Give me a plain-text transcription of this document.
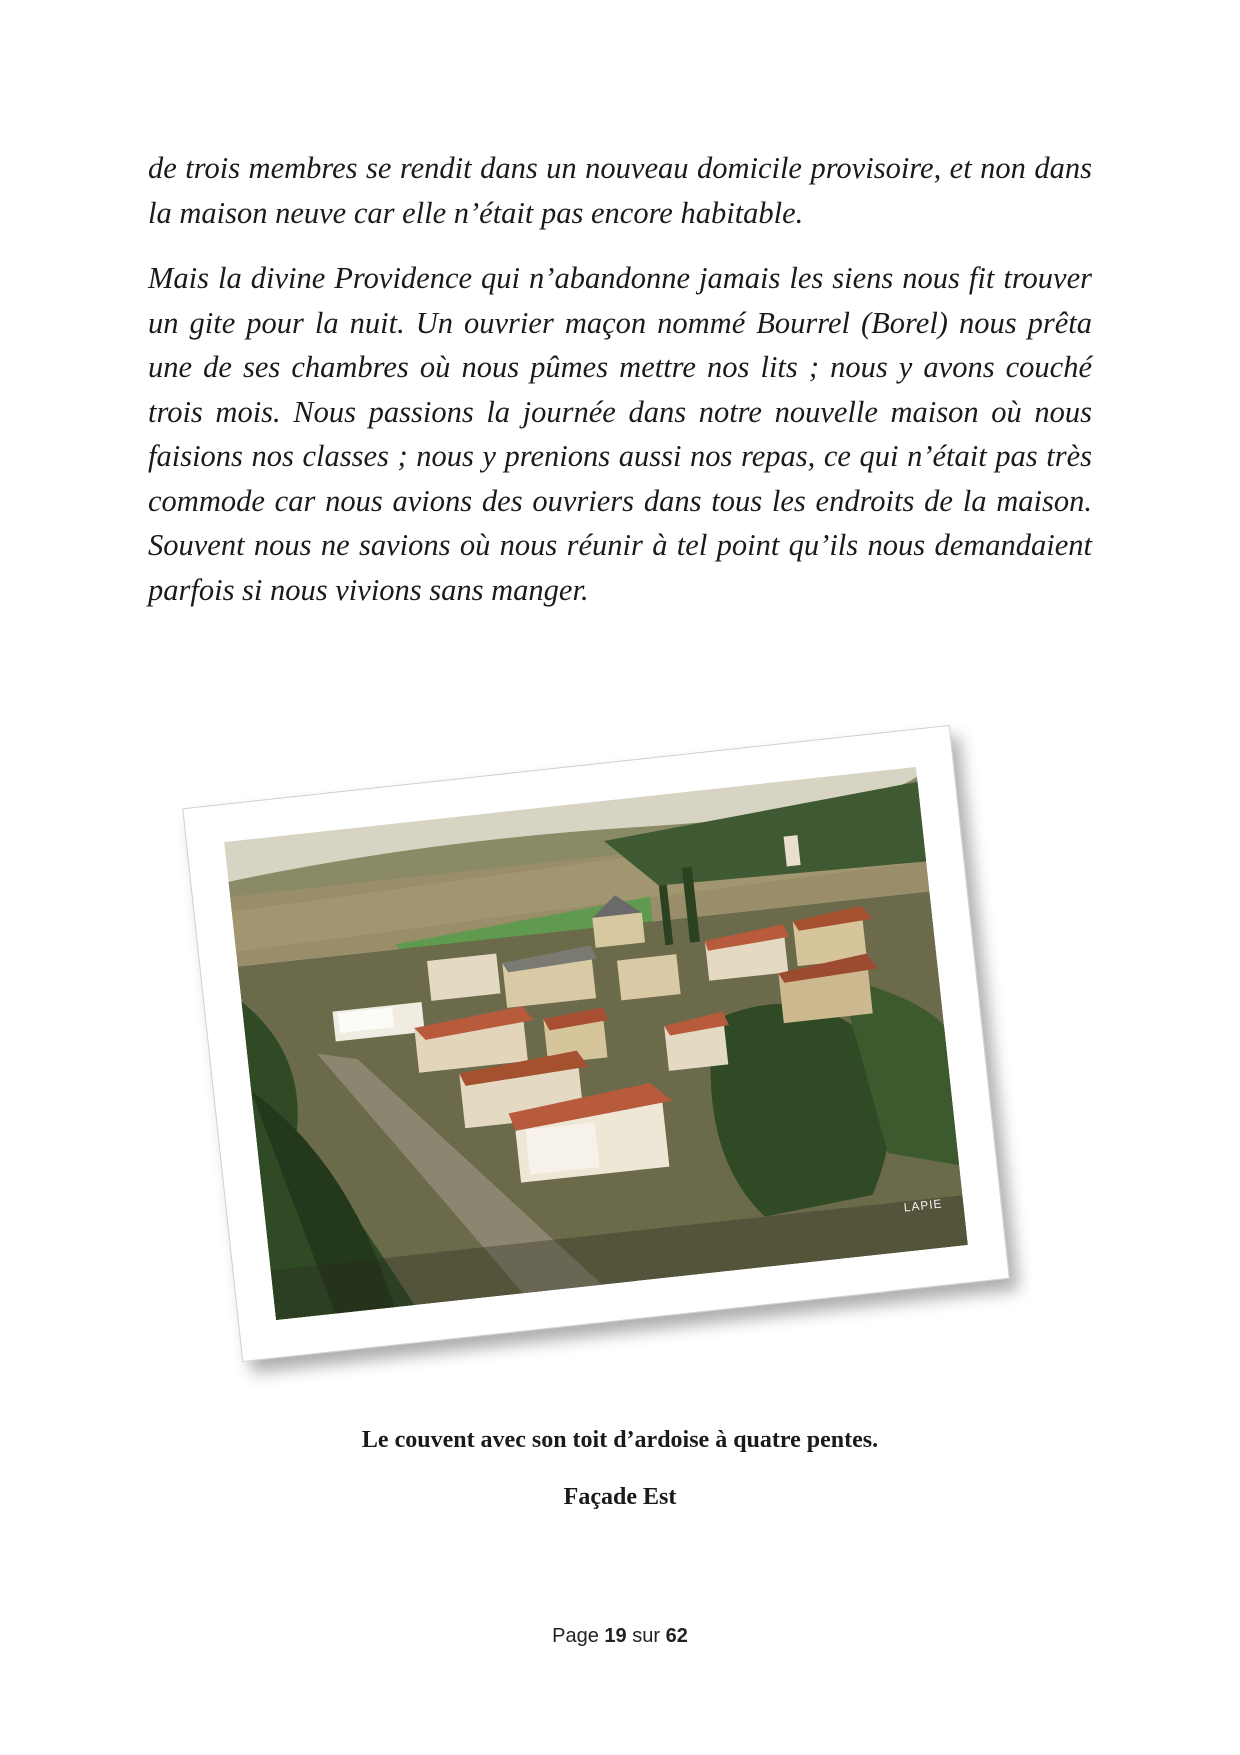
de trois membres se rendit dans un nouveau domicile provisoire, et non dans la maison neuve car elle n’était pas encore habitable.

Mais la divine Providence qui n’abandonne jamais les siens nous fit trouver un gite pour la nuit. Un ouvrier maçon nommé Bourrel (Borel) nous prêta une de ses chambres où nous pûmes mettre nos lits ; nous y avons couché trois mois. Nous passions la journée dans notre nouvelle maison où nous faisions nos classes ; nous y prenions aussi nos repas, ce qui n’était pas très commode car nous avions des ouvriers dans tous les endroits de la maison. Souvent nous ne savions où nous réunir à tel point qu’ils nous demandaient parfois si nous vivions sans manger.

LAPIE

Le couvent avec son toit d’ardoise à quatre pentes.

Façade Est

Page 19 sur 62
